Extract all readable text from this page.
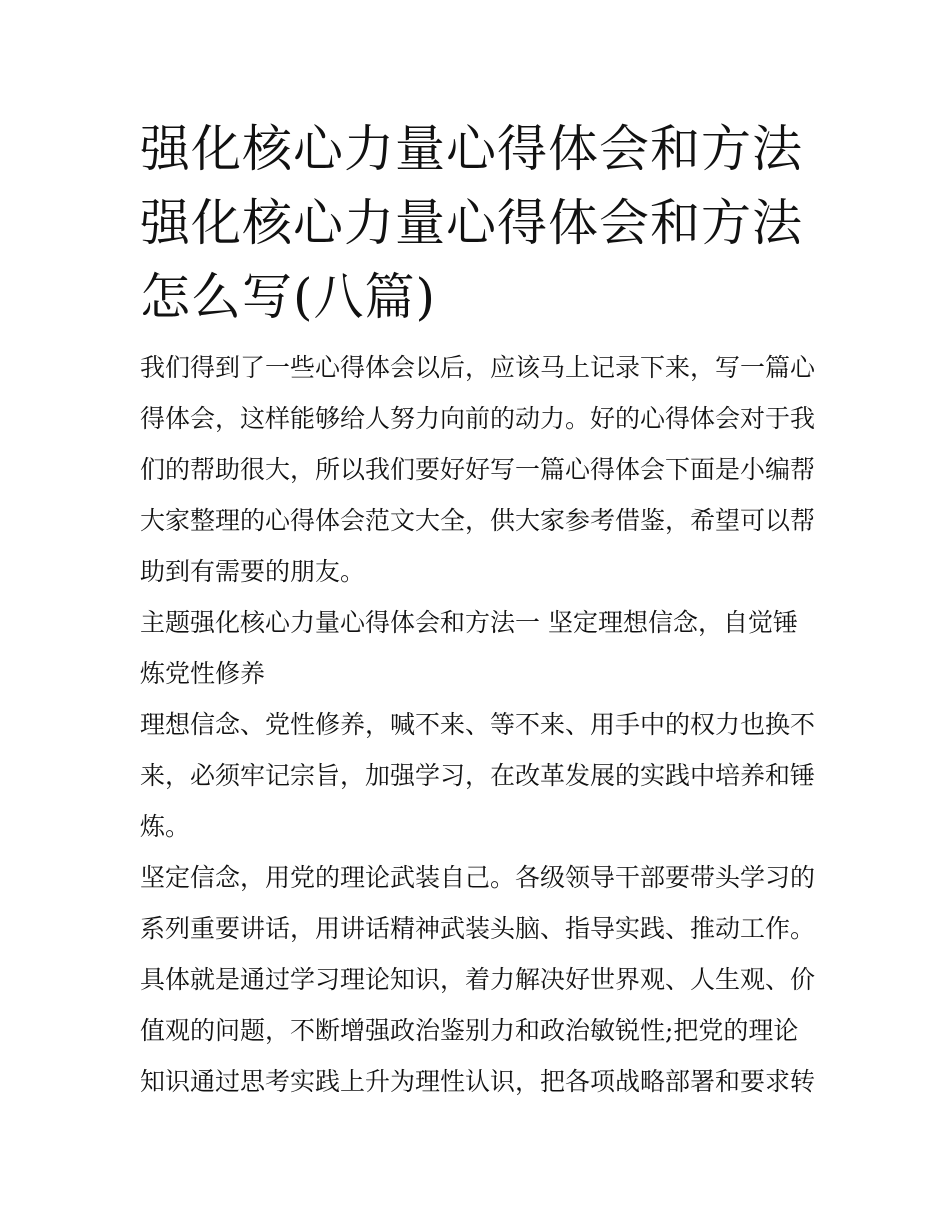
强化核心力量心得体会和方法
强化核心力量心得体会和方法
怎么写(八篇)
我们得到了一些心得体会以后，应该马上记录下来，写一篇心
得体会，这样能够给人努力向前的动力。好的心得体会对于我
们的帮助很大，所以我们要好好写一篇心得体会下面是小编帮
大家整理的心得体会范文大全，供大家参考借鉴，希望可以帮
助到有需要的朋友。
主题强化核心力量心得体会和方法一 坚定理想信念，自觉锤
炼党性修养
理想信念、党性修养，喊不来、等不来、用手中的权力也换不
来，必须牢记宗旨，加强学习，在改革发展的实践中培养和锤
炼。
坚定信念，用党的理论武装自己。各级领导干部要带头学习的
系列重要讲话，用讲话精神武装头脑、指导实践、推动工作。
具体就是通过学习理论知识，着力解决好世界观、人生观、价
值观的问题，不断增强政治鉴别力和政治敏锐性;把党的理论
知识通过思考实践上升为理性认识，把各项战略部署和要求转
